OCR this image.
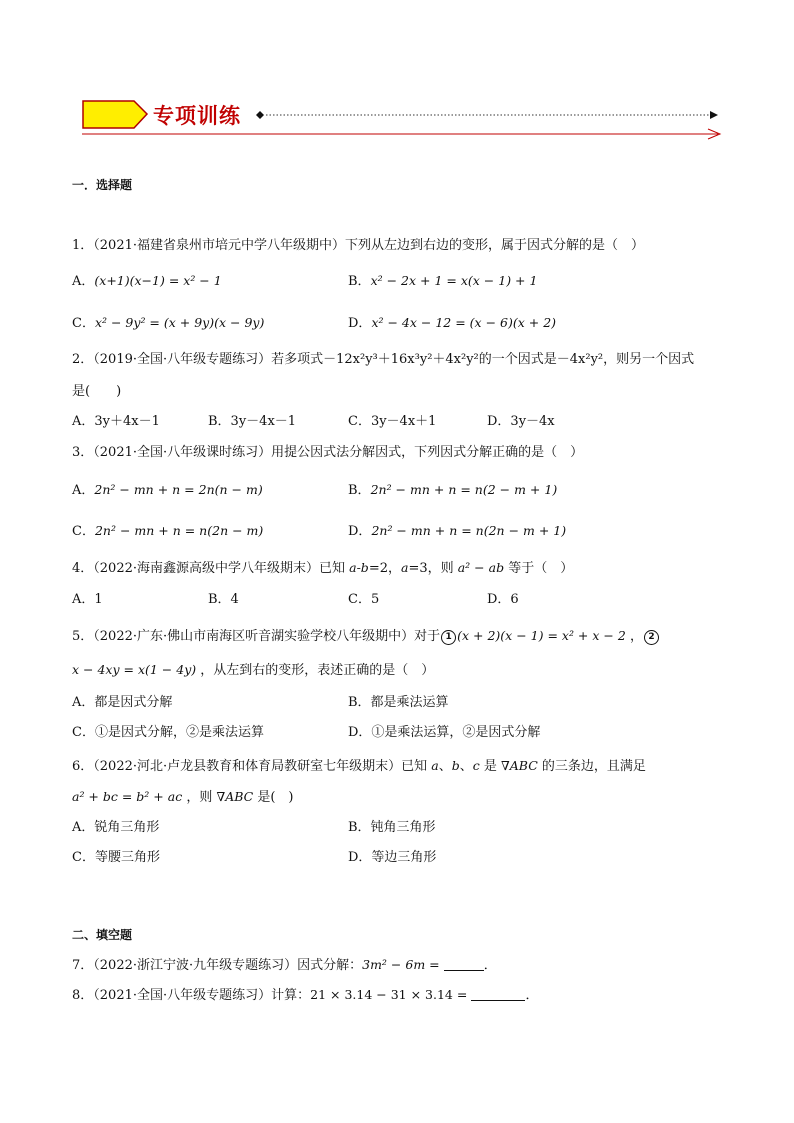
专项训练
一．选择题
1．（2021·福建省泉州市培元中学八年级期中）下列从左边到右边的变形，属于因式分解的是（　）
A．(x+1)(x−1) = x² − 1	B．x² − 2x + 1 = x(x − 1) + 1
C．x² − 9y² = (x + 9y)(x − 9y)	D．x² − 4x − 12 = (x − 6)(x + 2)
2．（2019·全国·八年级专题练习）若多项式－12x²y³＋16x³y²＋4x²y²的一个因式是－4x²y²，则另一个因式
是(　　)
A．3y＋4x－1	B．3y－4x－1	C．3y－4x＋1	D．3y－4x
3．（2021·全国·八年级课时练习）用提公因式法分解因式，下列因式分解正确的是（　）
A．2n² − mn + n = 2n(n − m)	B．2n² − mn + n = n(2 − m + 1)
C．2n² − mn + n = n(2n − m)	D．2n² − mn + n = n(2n − m + 1)
4．（2022·海南鑫源高级中学八年级期末）已知 a-b=2，a=3，则 a² − ab 等于（　）
A．1	B．4	C．5	D．6
5．（2022·广东·佛山市南海区听音湖实验学校八年级期中）对于 1 (x + 2)(x − 1) = x² + x − 2 ， 2
x − 4xy = x(1 − 4y) ，从左到右的变形，表述正确的是（　）
A．都是因式分解	B．都是乘法运算
C．①是因式分解，②是乘法运算	D．①是乘法运算，②是因式分解
6．（2022·河北·卢龙县教育和体育局教研室七年级期末）已知 a、b、c 是 ∇ABC 的三条边，且满足
a² + bc = b² + ac ，则 ∇ABC 是(　)
A．锐角三角形	B．钝角三角形
C．等腰三角形	D．等边三角形
二、填空题
7．（2022·浙江宁波·九年级专题练习）因式分解：3m² − 6m =	．
8．（2021·全国·八年级专题练习）计算：21 × 3.14 − 31 × 3.14 =	．
